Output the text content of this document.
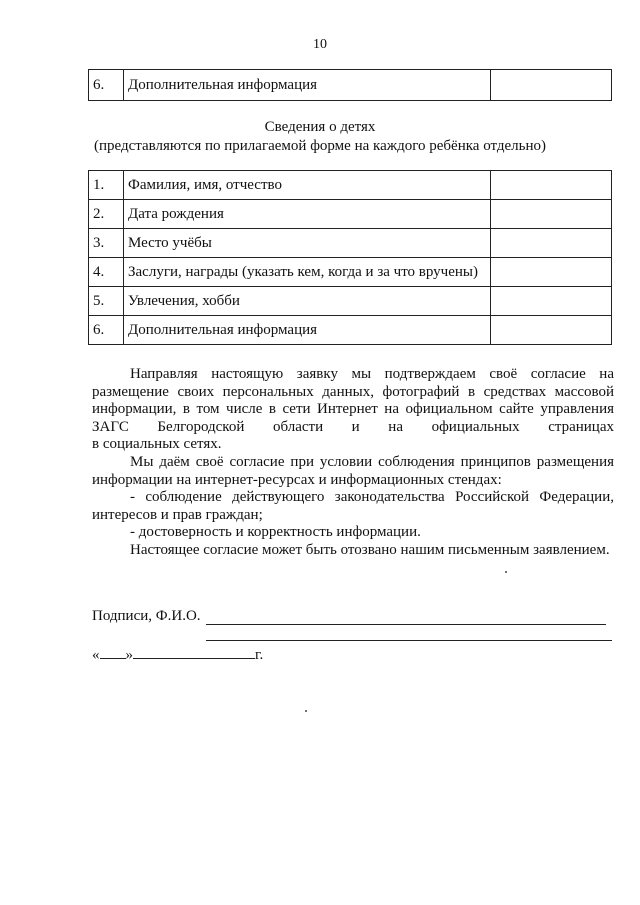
10
6.	Дополнительная информация	
Сведения о детях
(представляются по прилагаемой форме на каждого ребёнка отдельно)
1.	Фамилия, имя, отчество	
2.	Дата рождения	
3.	Место учёбы	
4.	Заслуги, награды (указать кем, когда и за что вручены)	
5.	Увлечения, хобби	
6.	Дополнительная информация	

Направляя настоящую заявку мы подтверждаем своё согласие на размещение своих персональных данных, фотографий в средствах массовой информации, в том числе в сети Интернет на официальном сайте управления ЗАГС Белгородской области и на официальных страницах

в социальных сетях.

Мы даём своё согласие при условии соблюдения принципов размещения информации на интернет-ресурсах и информационных стендах:

- соблюдение действующего законодательства Российской Федерации, интересов и прав граждан;

- достоверность и корректность информации.

Настоящее согласие может быть отозвано нашим письменным заявлением.

Подписи, Ф.И.О.
« »	г.
